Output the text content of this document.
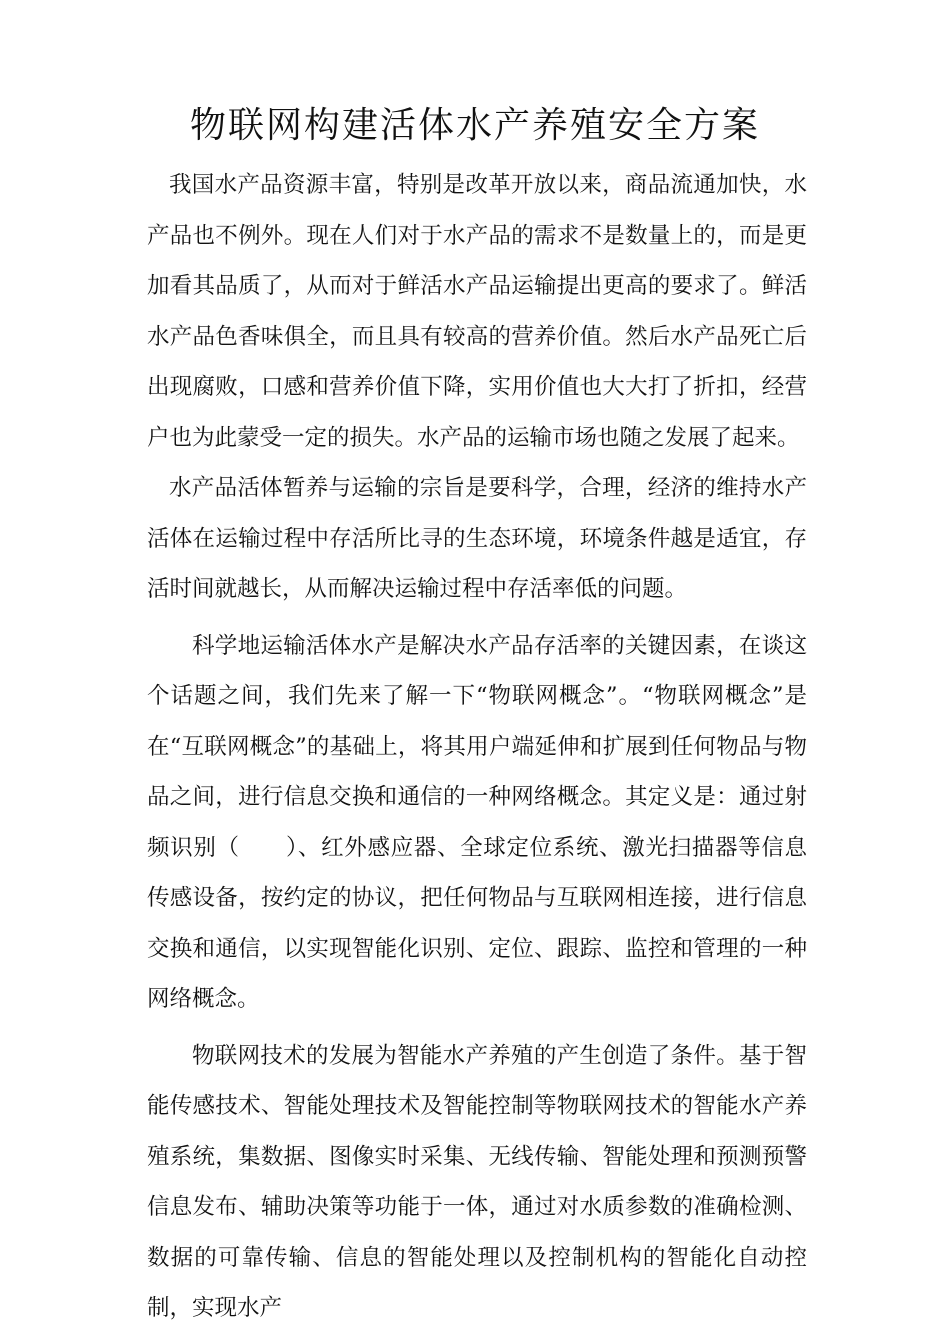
物联网构建活体水产养殖安全方案

我国水产品资源丰富，特别是改革开放以来，商品流通加快，水产品也不例外。现在人们对于水产品的需求不是数量上的，而是更加看其品质了，从而对于鲜活水产品运输提出更高的要求了。鲜活水产品色香味俱全，而且具有较高的营养价值。然后水产品死亡后出现腐败，口感和营养价值下降，实用价值也大大打了折扣，经营户也为此蒙受一定的损失。水产品的运输市场也随之发展了起来。

水产品活体暂养与运输的宗旨是要科学，合理，经济的维持水产活体在运输过程中存活所比寻的生态环境，环境条件越是适宜，存活时间就越长，从而解决运输过程中存活率低的问题。

科学地运输活体水产是解决水产品存活率的关键因素，在谈这个话题之间，我们先来了解一下“物联网概念”。“物联网概念”是在“互联网概念”的基础上，将其用户端延伸和扩展到任何物品与物品之间，进行信息交换和通信的一种网络概念。其定义是：通过射频识别（　　）、红外感应器、全球定位系统、激光扫描器等信息传感设备，按约定的协议，把任何物品与互联网相连接，进行信息交换和通信，以实现智能化识别、定位、跟踪、监控和管理的一种网络概念。

物联网技术的发展为智能水产养殖的产生创造了条件。基于智能传感技术、智能处理技术及智能控制等物联网技术的智能水产养殖系统，集数据、图像实时采集、无线传输、智能处理和预测预警信息发布、辅助决策等功能于一体，通过对水质参数的准确检测、数据的可靠传输、信息的智能处理以及控制机构的智能化自动控制，实现水产
